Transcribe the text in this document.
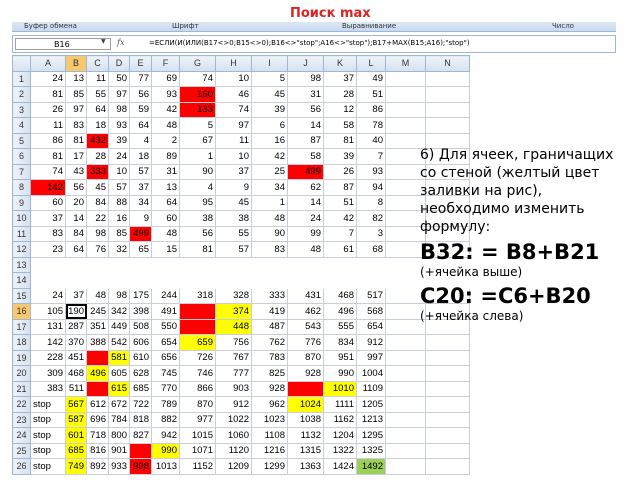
Поиск max
Буфер обмена	Шрифт	Выравнивание	Число
B16	▼ fx	=ЕСЛИ(И(ИЛИ(B17<>0;B15<>0);B16<>"stop";A16<>"stop");B17+MAX(B15;A16);"stop")
	A	B	C	D	E	F	G	H	I	J	K	L	M	N
1	24	13	11	50	77	69	74	10	5	98	37	49		
2	81	85	55	97	56	93	160	46	45	31	28	51		
3	26	97	64	98	59	42	133	74	39	56	12	86		
4	11	83	18	93	64	48	5	97	6	14	58	78		
5	86	81	432	39	4	2	67	11	16	87	81	40		
6	81	17	28	24	18	89	1	10	42	58	39	7		
7	74	43	333	10	57	31	90	37	25	499	26	93		
8	142	56	45	57	37	13	4	9	34	62	87	94		
9	60	20	84	88	34	64	95	45	1	14	51	8		
10	37	14	22	16	9	60	38	38	48	24	42	82		
11	83	84	98	85	499	48	56	55	90	99	7	3		
12	23	64	76	32	65	15	81	57	83	48	61	68		
13														
14														
15	24	37	48	98	175	244	318	328	333	431	468	517		
16	105	190	245	342	398	491		374	419	462	496	568		
17	131	287	351	449	508	550		448	487	543	555	654		
18	142	370	388	542	606	654	659	756	762	776	834	912		
19	228	451		581	610	656	726	767	783	870	951	997		
20	309	468	496	605	628	745	746	777	825	928	990	1004		
21	383	511		615	685	770	866	903	928		1010	1109		
22	stop	567	612	672	722	789	870	912	962	1024	1111	1205		
23	stop	587	696	784	818	882	977	1022	1023	1038	1162	1213		
24	stop	601	718	800	827	942	1015	1060	1108	1132	1204	1295		
25	stop	685	816	901		990	1071	1120	1216	1315	1322	1325		
26	stop	749	892	933	998	1013	1152	1209	1299	1363	1424	1492		
6) Для ячеек, граничащих со стеной (желтый цвет заливки на рис), необходимо изменить формулу:
B32: = B8+B21
(+ячейка выше)
C20: =C6+B20
(+ячейка слева)
